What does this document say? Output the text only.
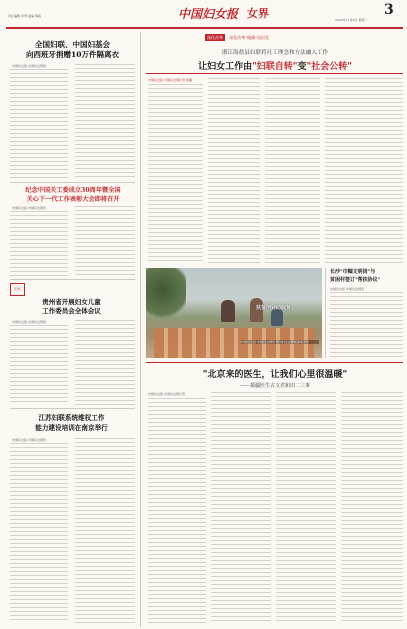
责任编辑 李琴 美编 胡娟	中国妇女报 女界	3
2020年11月9日 星期一
全国妇联、中国妇基会
向西班牙捐赠10万件隔离衣
中国妇女报·中国妇女网讯
纪念中国关工委成立30周年暨全国
关心下一代工作表彰大会即将召开
中国妇女报·中国妇女网讯
妇女
贵州省开展妇女儿童
工作委员会全体会议
中国妇女报·中国妇女网讯
江苏妇联系统维权工作
能力建设培训在南京举行
中国妇女报·中国妇女网讯
深化改革 深化改革"破圈"再出发
浙江海盐县妇联将社工理念和方法融入工作
让妇女工作由"妇联自转"变"社会公转"
中国妇女报·中国妇女网记者 徐鑫
长沙"巾帼文明岗"与
贫困村签订"帮扶协议"
中国妇女报·中国妇女网讯
扶贫创业助脱贫
中国妇女报·中国妇女网讯 图为妇女在种植基地劳作
"北京来的医生，让我们心里很温暖"
——援疆医生古文君和田二三事
中国妇女报·中国妇女网记者
